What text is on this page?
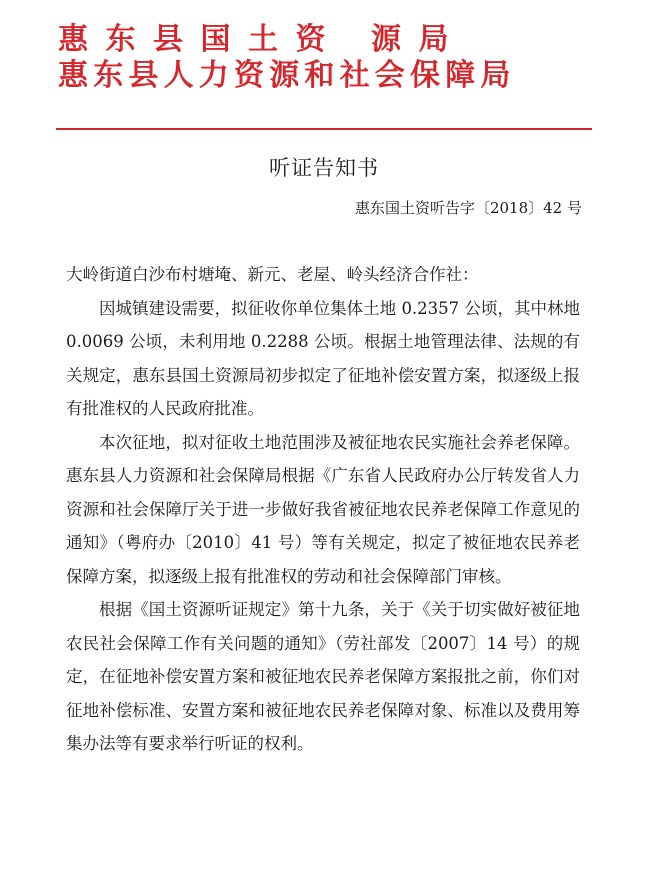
惠东县国土资 源局
惠东县人力资源和社会保障局
听证告知书
惠东国土资听告字〔2018〕42 号

大岭街道白沙布村塘埯、新元、老屋、岭头经济合作社：

因城镇建设需要，拟征收你单位集体土地 0.2357 公顷，其中林地 0.0069 公顷，未利用地 0.2288 公顷。根据土地管理法律、法规的有关规定，惠东县国土资源局初步拟定了征地补偿安置方案，拟逐级上报有批准权的人民政府批准。

本次征地，拟对征收土地范围涉及被征地农民实施社会养老保障。惠东县人力资源和社会保障局根据《广东省人民政府办公厅转发省人力资源和社会保障厅关于进一步做好我省被征地农民养老保障工作意见的通知》（粤府办〔2010〕41 号）等有关规定，拟定了被征地农民养老保障方案，拟逐级上报有批准权的劳动和社会保障部门审核。

根据《国土资源听证规定》第十九条，关于《关于切实做好被征地农民社会保障工作有关问题的通知》（劳社部发〔2007〕14 号）的规定，在征地补偿安置方案和被征地农民养老保障方案报批之前，你们对征地补偿标准、安置方案和被征地农民养老保障对象、标准以及费用筹集办法等有要求举行听证的权利。
